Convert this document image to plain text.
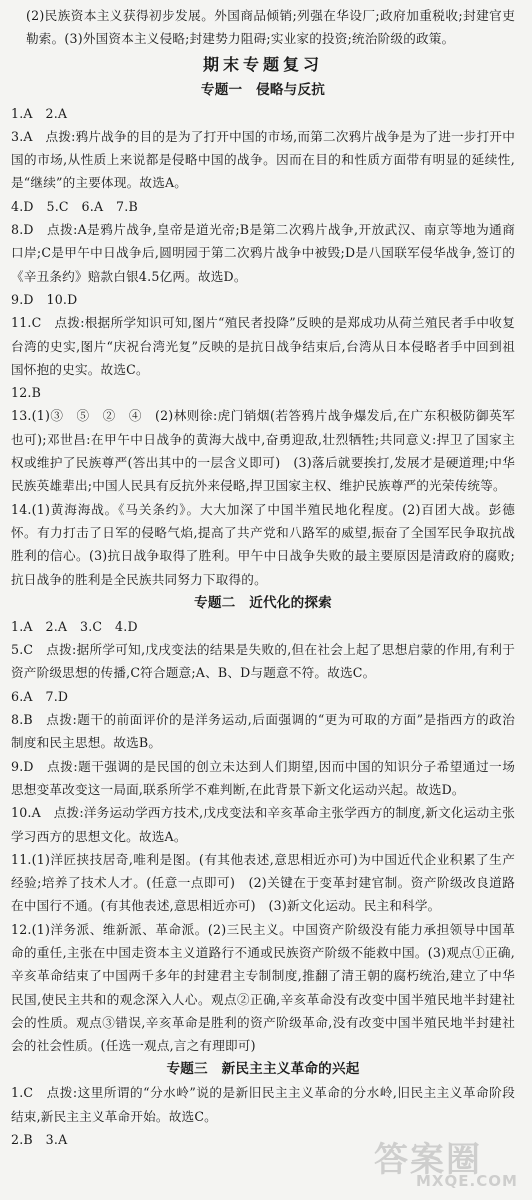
(2)民族资本主义获得初步发展。外国商品倾销;列强在华设厂;政府加重税收;封建官吏勒索。(3)外国资本主义侵略;封建势力阻碍;实业家的投资;统治阶级的政策。

期末专题复习
专题一　侵略与反抗

1.A　2.A

3.A　点拨:鸦片战争的目的是为了打开中国的市场,而第二次鸦片战争是为了进一步打开中国的市场,从性质上来说都是侵略中国的战争。因而在目的和性质方面带有明显的延续性,是“继续”的主要体现。故选A。

4.D　5.C　6.A　7.B

8.D　点拨:A是鸦片战争,皇帝是道光帝;B是第二次鸦片战争,开放武汉、南京等地为通商口岸;C是甲午中日战争后,圆明园于第二次鸦片战争中被毁;D是八国联军侵华战争,签订的《辛丑条约》赔款白银4.5亿两。故选D。

9.D　10.D

11.C　点拨:根据所学知识可知,图片“殖民者投降”反映的是郑成功从荷兰殖民者手中收复台湾的史实,图片“庆祝台湾光复”反映的是抗日战争结束后,台湾从日本侵略者手中回到祖国怀抱的史实。故选C。

12.B

13.(1)③　⑤　②　④　(2)林则徐:虎门销烟(若答鸦片战争爆发后,在广东积极防御英军也可);邓世昌:在甲午中日战争的黄海大战中,奋勇迎敌,壮烈牺牲;共同意义:捍卫了国家主权或维护了民族尊严(答出其中的一层含义即可)　(3)落后就要挨打,发展才是硬道理;中华民族英雄辈出;中国人民具有反抗外来侵略,捍卫国家主权、维护民族尊严的光荣传统等。

14.(1)黄海海战。《马关条约》。大大加深了中国半殖民地化程度。(2)百团大战。彭德怀。有力打击了日军的侵略气焰,提高了共产党和八路军的威望,振奋了全国军民争取抗战胜利的信心。(3)抗日战争取得了胜利。甲午中日战争失败的最主要原因是清政府的腐败;抗日战争的胜利是全民族共同努力下取得的。

专题二　近代化的探索

1.A　2.A　3.C　4.D

5.C　点拨:据所学可知,戊戌变法的结果是失败的,但在社会上起了思想启蒙的作用,有利于资产阶级思想的传播,C符合题意;A、B、D与题意不符。故选C。

6.A　7.D

8.B　点拨:题干的前面评价的是洋务运动,后面强调的“更为可取的方面”是指西方的政治制度和民主思想。故选B。

9.D　点拨:题干强调的是民国的创立未达到人们期望,因而中国的知识分子希望通过一场思想变革改变这一局面,联系所学不难判断,在此背景下新文化运动兴起。故选D。

10.A　点拨:洋务运动学西方技术,戊戌变法和辛亥革命主张学西方的制度,新文化运动主张学习西方的思想文化。故选A。

11.(1)洋匠挟技居奇,唯利是图。(有其他表述,意思相近亦可)为中国近代企业积累了生产经验;培养了技术人才。(任意一点即可)　(2)关键在于变革封建官制。资产阶级改良道路在中国行不通。(有其他表述,意思相近亦可)　(3)新文化运动。民主和科学。

12.(1)洋务派、维新派、革命派。(2)三民主义。中国资产阶级没有能力承担领导中国革命的重任,主张在中国走资本主义道路行不通或民族资产阶级不能救中国。(3)观点①正确,辛亥革命结束了中国两千多年的封建君主专制制度,推翻了清王朝的腐朽统治,建立了中华民国,使民主共和的观念深入人心。观点②正确,辛亥革命没有改变中国半殖民地半封建社会的性质。观点③错误,辛亥革命是胜利的资产阶级革命,没有改变中国半殖民地半封建社会的社会性质。(任选一观点,言之有理即可)

专题三　新民主主义革命的兴起

1.C　点拨:这里所谓的“分水岭”说的是新旧民主主义革命的分水岭,旧民主主义革命阶段结束,新民主主义革命开始。故选C。

2.B　3.A

答案圈
MXQE.COM
